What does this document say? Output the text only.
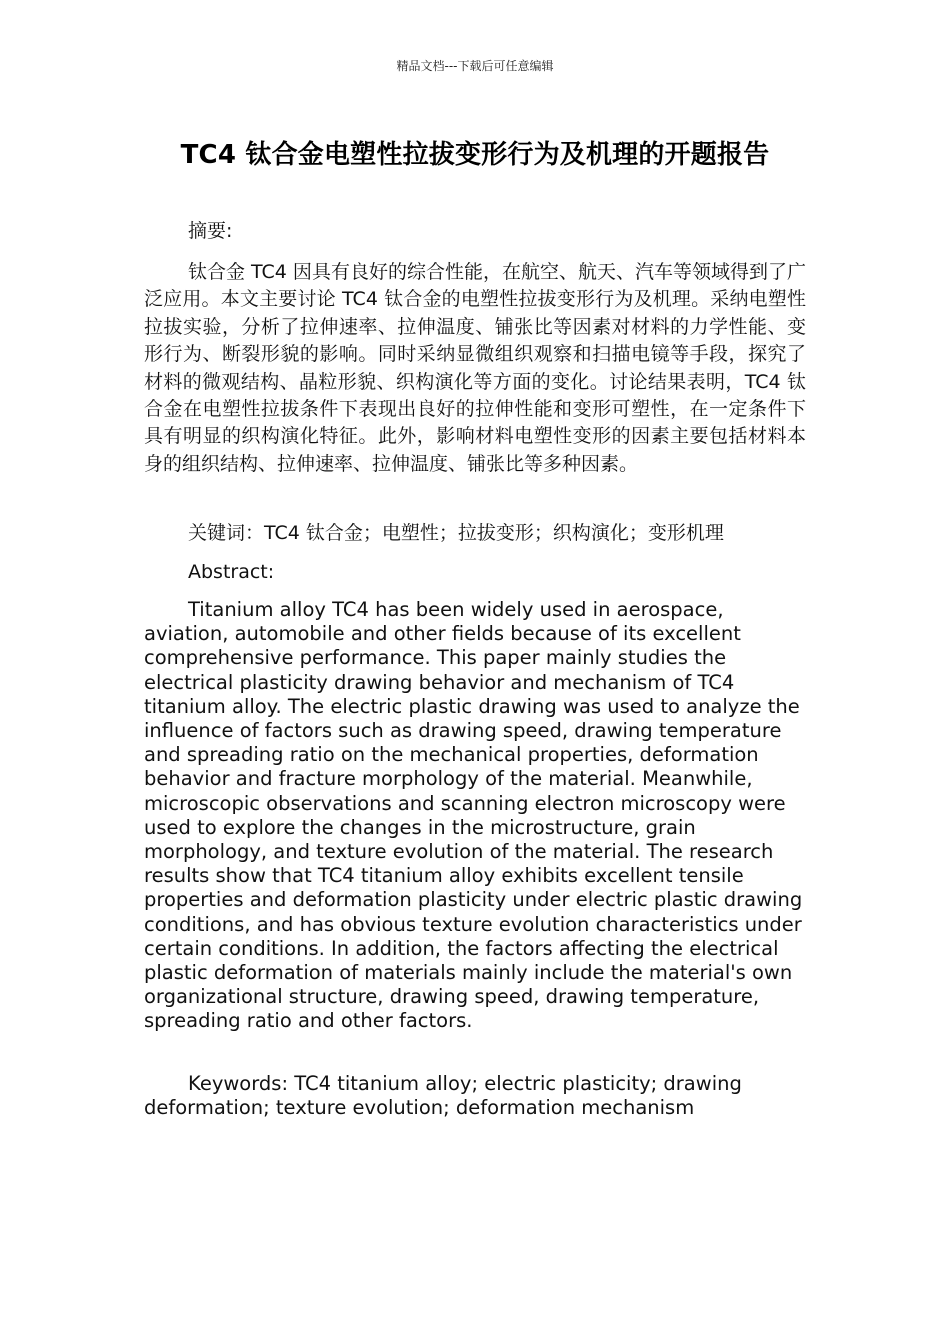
精品文档---下载后可任意编辑
TC4 钛合金电塑性拉拔变形行为及机理的开题报告
摘要:
钛合金 TC4 因具有良好的综合性能，在航空、航天、汽车等领域得到了广泛应用。本文主要讨论 TC4 钛合金的电塑性拉拔变形行为及机理。采纳电塑性拉拔实验，分析了拉伸速率、拉伸温度、铺张比等因素对材料的力学性能、变形行为、断裂形貌的影响。同时采纳显微组织观察和扫描电镜等手段，探究了材料的微观结构、晶粒形貌、织构演化等方面的变化。讨论结果表明，TC4 钛合金在电塑性拉拔条件下表现出良好的拉伸性能和变形可塑性，在一定条件下具有明显的织构演化特征。此外，影响材料电塑性变形的因素主要包括材料本身的组织结构、拉伸速率、拉伸温度、铺张比等多种因素。
关键词：TC4 钛合金；电塑性；拉拔变形；织构演化；变形机理
Abstract:
Titanium alloy TC4 has been widely used in aerospace, aviation, automobile and other fields because of its excellent comprehensive performance. This paper mainly studies the electrical plasticity drawing behavior and mechanism of TC4 titanium alloy. The electric plastic drawing was used to analyze the influence of factors such as drawing speed, drawing temperature and spreading ratio on the mechanical properties, deformation behavior and fracture morphology of the material. Meanwhile, microscopic observations and scanning electron microscopy were used to explore the changes in the microstructure, grain morphology, and texture evolution of the material. The research results show that TC4 titanium alloy exhibits excellent tensile properties and deformation plasticity under electric plastic drawing conditions, and has obvious texture evolution characteristics under certain conditions. In addition, the factors affecting the electrical plastic deformation of materials mainly include the material's own organizational structure, drawing speed, drawing temperature, spreading ratio and other factors.
Keywords: TC4 titanium alloy; electric plasticity; drawing deformation; texture evolution; deformation mechanism
